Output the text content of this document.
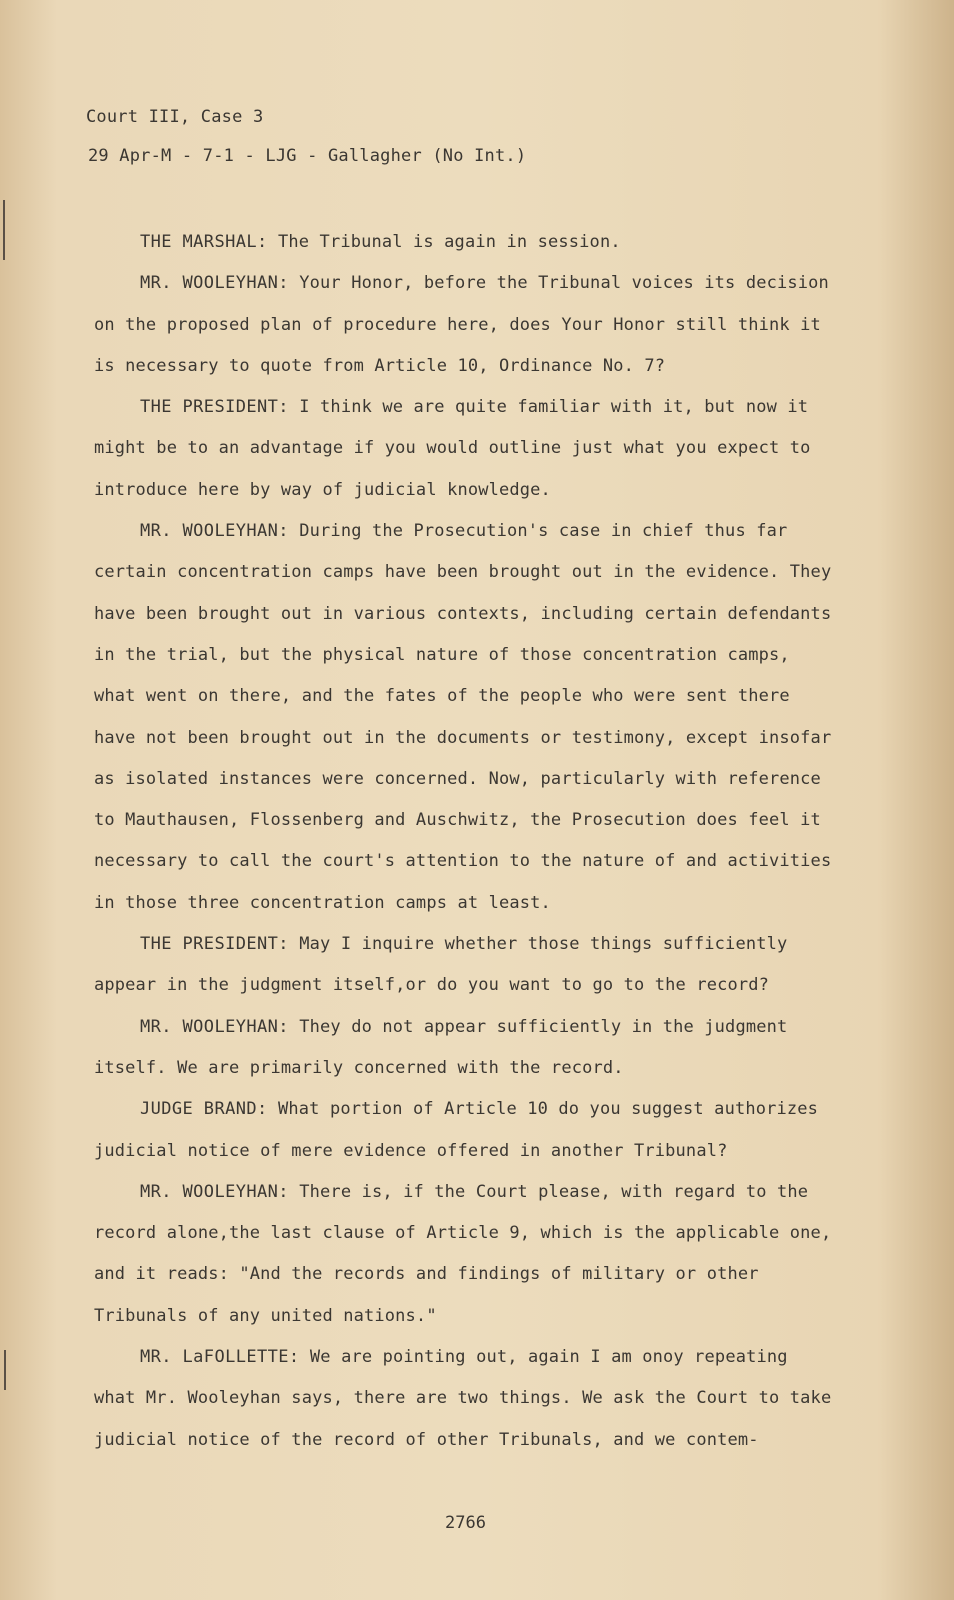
Court III, Case 3
29 Apr-M - 7-1 - LJG - Gallagher (No Int.)

THE MARSHAL: The Tribunal is again in session.

MR. WOOLEYHAN: Your Honor, before the Tribunal voices its decision on the proposed plan of procedure here, does Your Honor still think it is necessary to quote from Article 10, Ordinance No. 7?

THE PRESIDENT: I think we are quite familiar with it, but now it might be to an advantage if you would outline just what you expect to introduce here by way of judicial knowledge.

MR. WOOLEYHAN: During the Prosecution's case in chief thus far certain concentration camps have been brought out in the evidence. They have been brought out in various contexts, including certain defendants in the trial, but the physical nature of those concentration camps, what went on there, and the fates of the people who were sent there have not been brought out in the documents or testimony, except insofar as isolated instances were concerned. Now, particularly with reference to Mauthausen, Flossenberg and Auschwitz, the Prosecution does feel it necessary to call the court's attention to the nature of and activities in those three concentration camps at least.

THE PRESIDENT: May I inquire whether those things sufficiently appear in the judgment itself,or do you want to go to the record?

MR. WOOLEYHAN: They do not appear sufficiently in the judgment itself. We are primarily concerned with the record.

JUDGE BRAND: What portion of Article 10 do you suggest authorizes judicial notice of mere evidence offered in another Tribunal?

MR. WOOLEYHAN: There is, if the Court please, with regard to the record alone,the last clause of Article 9, which is the applicable one, and it reads: "And the records and findings of military or other Tribunals of any united nations."

MR. LaFOLLETTE: We are pointing out, again I am onoy repeating what Mr. Wooleyhan says, there are two things. We ask the Court to take judicial notice of the record of other Tribunals, and we contem-

2766
